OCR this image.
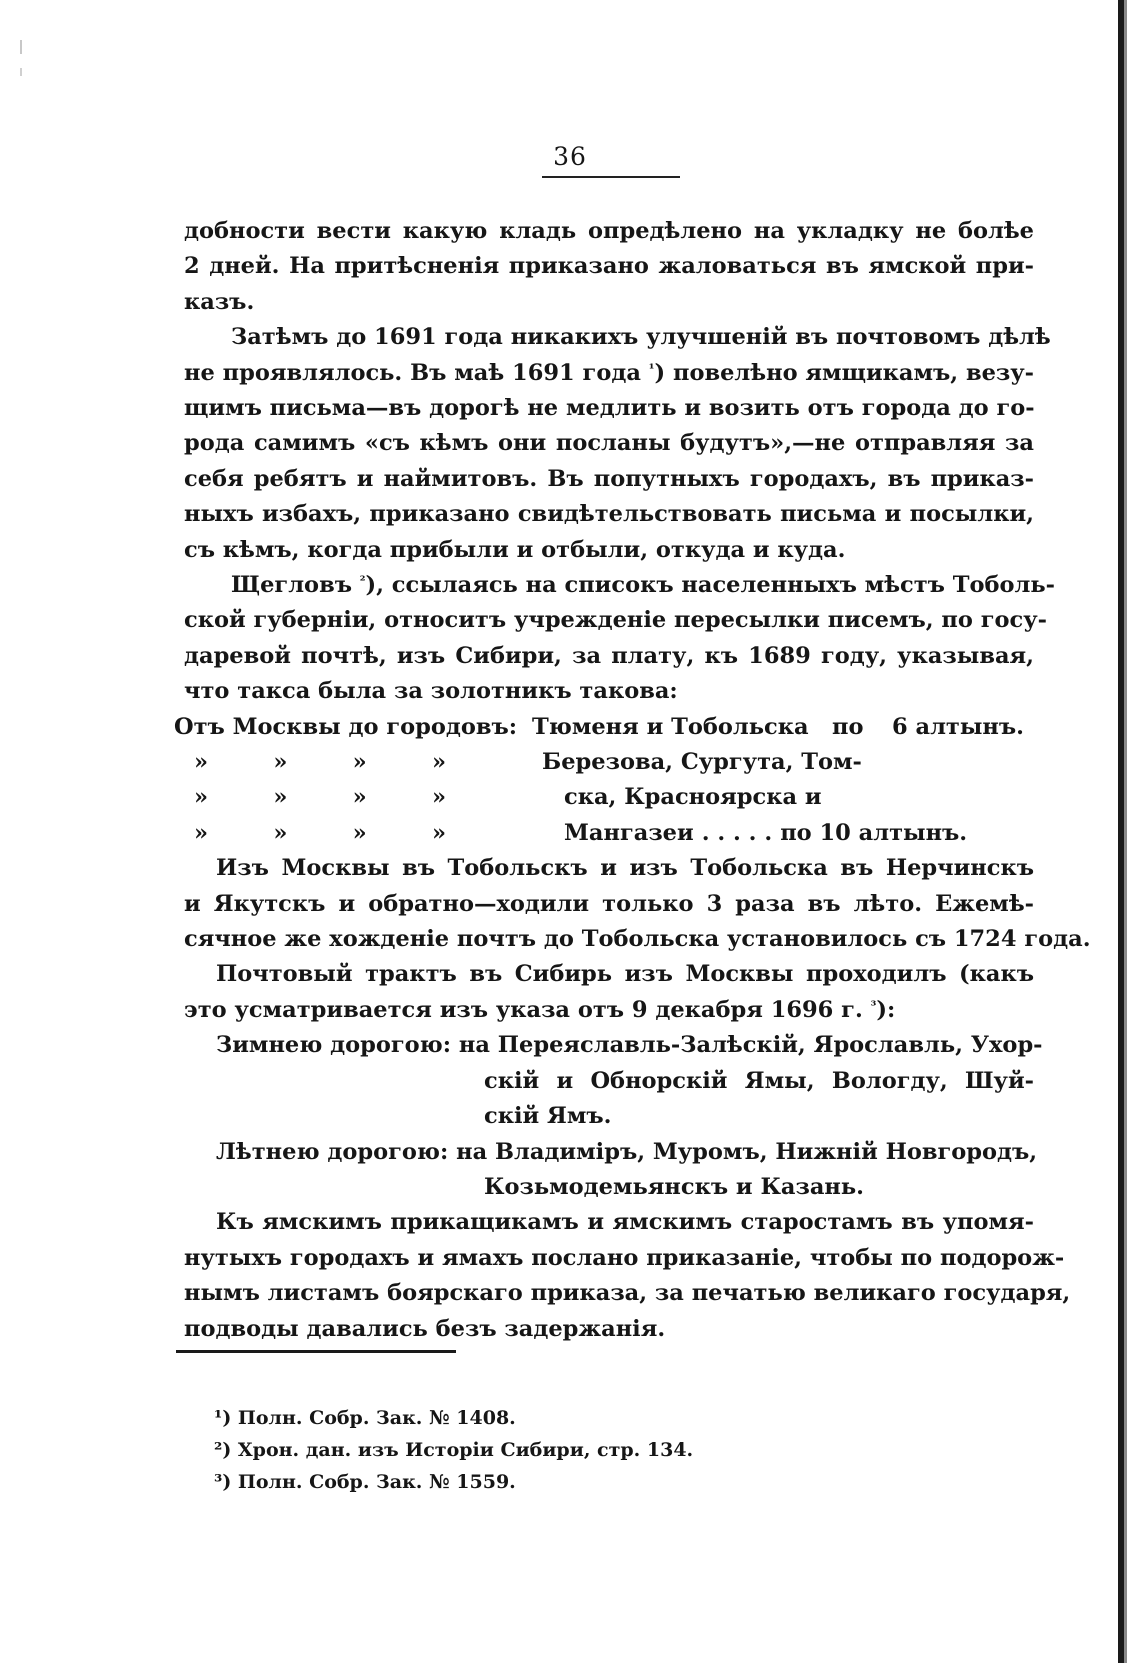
36
добности вести какую кладь опредѣлено на укладку не болѣе
2 дней. На притѣсненія приказано жаловаться въ ямской при-
казъ.
Затѣмъ до 1691 года никакихъ улучшеній въ почтовомъ дѣлѣ
не проявлялось. Въ маѣ 1691 года $^{^1}$) повелѣно ямщикамъ, везу-
щимъ письма—въ дорогѣ не медлить и возить отъ города до го-
рода самимъ «съ кѣмъ они посланы будутъ»,—не отправляя за
себя ребятъ и наймитовъ. Въ попутныхъ городахъ, въ приказ-
ныхъ избахъ, приказано свидѣтельствовать письма и посылки,
съ кѣмъ, когда прибыли и отбыли, откуда и куда.
Щегловъ $^{^2}$), ссылаясь на списокъ населенныхъ мѣстъ Тоболь-
ской губерніи, относитъ учрежденіе пересылки писемъ, по госу-
даревой почтѣ, изъ Сибири, за плату, къ 1689 году, указывая,
что такса была за золотникъ такова:
Отъ Москвы до городовъ: Тюменя и Тобольска	по	6 алтынъ.
»	»	»	»	Березова, Сургута, Том-
»	»	»	»	ска, Красноярска и
»	»	»	»	Мангазеи . . . . . по 10 алтынъ.
Изъ Москвы въ Тобольскъ и изъ Тобольска въ Нерчинскъ
и Якутскъ и обратно—ходили только 3 раза въ лѣто. Ежемѣ-
сячное же хожденіе почтъ до Тобольска установилось съ 1724 года.
Почтовый трактъ въ Сибирь изъ Москвы проходилъ (какъ
это усматривается изъ указа отъ 9 декабря 1696 г. $^{^3}$):
Зимнею дорогою: на Переяславль-Залѣскій, Ярославль, Ухор-
скій и Обнорскій Ямы, Вологду, Шуй-
скій Ямъ.
Лѣтнею дорогою: на Владиміръ, Муромъ, Нижній Новгородъ,
Козьмодемьянскъ и Казань.
Къ ямскимъ прикащикамъ и ямскимъ старостамъ въ упомя-
нутыхъ городахъ и ямахъ послано приказаніе, чтобы по подорож-
нымъ листамъ боярскаго приказа, за печатью великаго государя,
подводы давались безъ задержанія.
¹) Полн. Собр. Зак. № 1408.
²) Хрон. дан. изъ Исторіи Сибири, стр. 134.
³) Полн. Собр. Зак. № 1559.
